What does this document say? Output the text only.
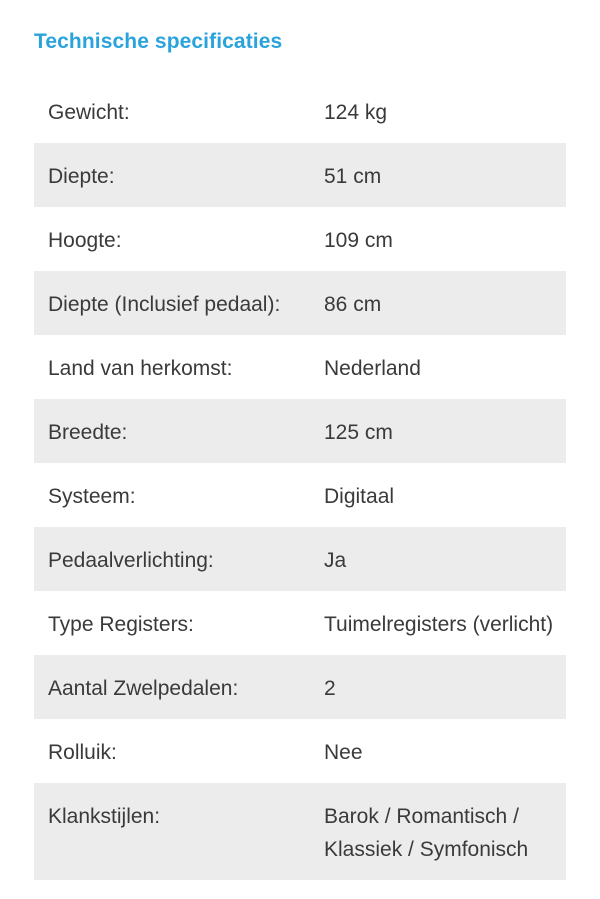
Technische specificaties
Gewicht:	124 kg
Diepte:	51 cm
Hoogte:	109 cm
Diepte (Inclusief pedaal):	86 cm
Land van herkomst:	Nederland
Breedte:	125 cm
Systeem:	Digitaal
Pedaalverlichting:	Ja
Type Registers:	Tuimelregisters (verlicht)
Aantal Zwelpedalen:	2
Rolluik:	Nee
Klankstijlen:	Barok / Romantisch / Klassiek / Symfonisch
